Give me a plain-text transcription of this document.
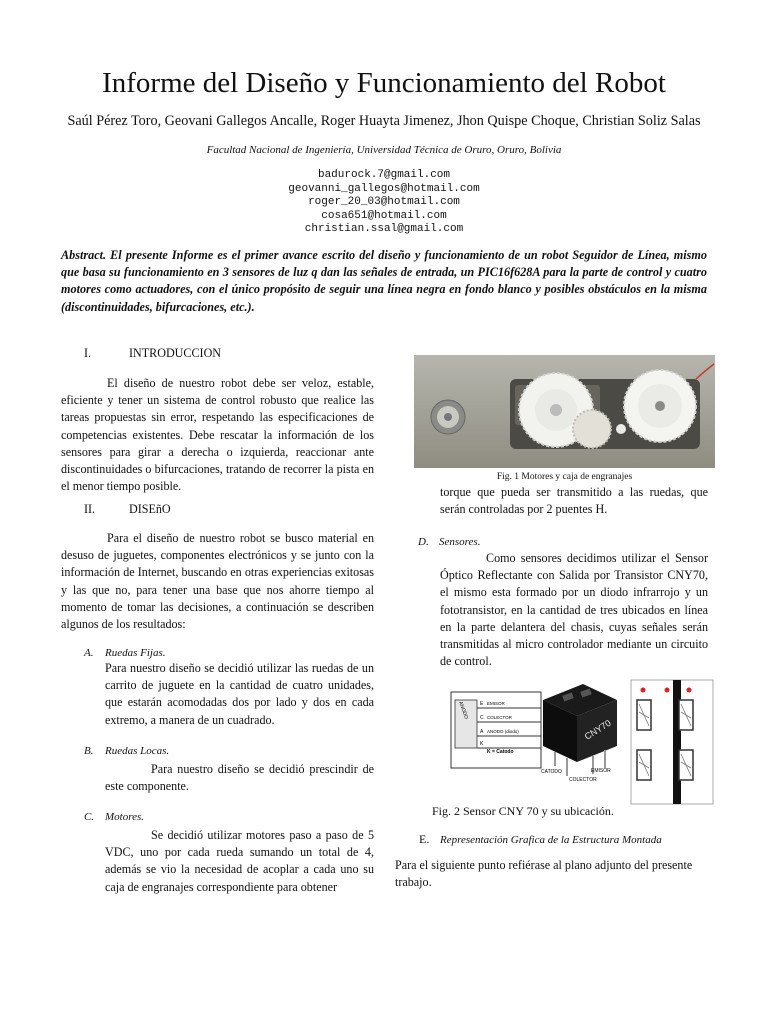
Informe del Diseño y Funcionamiento del Robot
Saúl Pérez Toro, Geovani Gallegos Ancalle, Roger Huayta Jimenez, Jhon Quispe Choque, Christian Soliz Salas
Facultad Nacional de Ingeniería, Universidad Técnica de Oruro, Oruro, Bolivia
badurock.7@gmail.com
geovanni_gallegos@hotmail.com
roger_20_03@hotmail.com
cosa651@hotmail.com
christian.ssal@gmail.com
Abstract. El presente Informe es el primer avance escrito del diseño y funcionamiento de un robot Seguidor de Línea, mismo que basa su funcionamiento en 3 sensores de luz q dan las señales de entrada, un PIC16f628A para la parte de control y cuatro motores como actuadores, con el único propósito de seguir una línea negra en fondo blanco y posibles obstáculos en la misma (discontinuidades, bifurcaciones, etc.).
I.	INTRODUCCION
El diseño de nuestro robot debe ser veloz, estable, eficiente y tener un sistema de control robusto que realice las tareas propuestas sin error, respetando las especificaciones de competencias existentes. Debe rescatar la información de los sensores para girar a derecha o izquierda, reaccionar ante discontinuidades o bifurcaciones, tratando de recorrer la pista en el menor tiempo posible.
II.	DISEñO
Para el diseño de nuestro robot se busco material en desuso de juguetes, componentes electrónicos y se junto con la información de Internet, buscando en otras experiencias exitosas y las que no, para tener una base que nos ahorre tiempo al momento de tomar las decisiones, a continuación se describen algunos de los resultados:
A. Ruedas Fijas.
Para nuestro diseño se decidió utilizar las ruedas de un carrito de juguete en la cantidad de cuatro unidades, que estarán acomodadas dos por lado y dos en cada extremo, a manera de un cuadrado.
B. Ruedas Locas.
Para nuestro diseño se decidió prescindir de este componente.
C. Motores.
Se decidió utilizar motores paso a paso de 5 VDC, uno por cada rueda sumando un total de 4, además se vio la necesidad de acoplar a cada uno su caja de engranajes correspondiente para obtener
Fig. 1 Motores y caja de engranajes
torque que pueda ser transmitido a las ruedas, que serán controladas por 2 puentes H.
D. Sensores.
Como sensores decidimos utilizar el Sensor Óptico Reflectante con Salida por Transistor CNY70, el mismo esta formado por un diodo infrarrojo y un fototransistor, en la cantidad de tres ubicados en línea en la parte delantera del chasis, cuyas señales serán transmitidas al micro controlador mediante un circuito de control.
ANODO E
C
A
K
EMISOR
COLECTOR
ANODO (diodo)
K = Catodo
CNY70
CATODO	EMISOR
COLECTOR
Fig. 2 Sensor CNY 70 y su ubicación.
E. Representación Grafica de la Estructura Montada
Para el siguiente punto refiérase al plano adjunto del presente trabajo.
